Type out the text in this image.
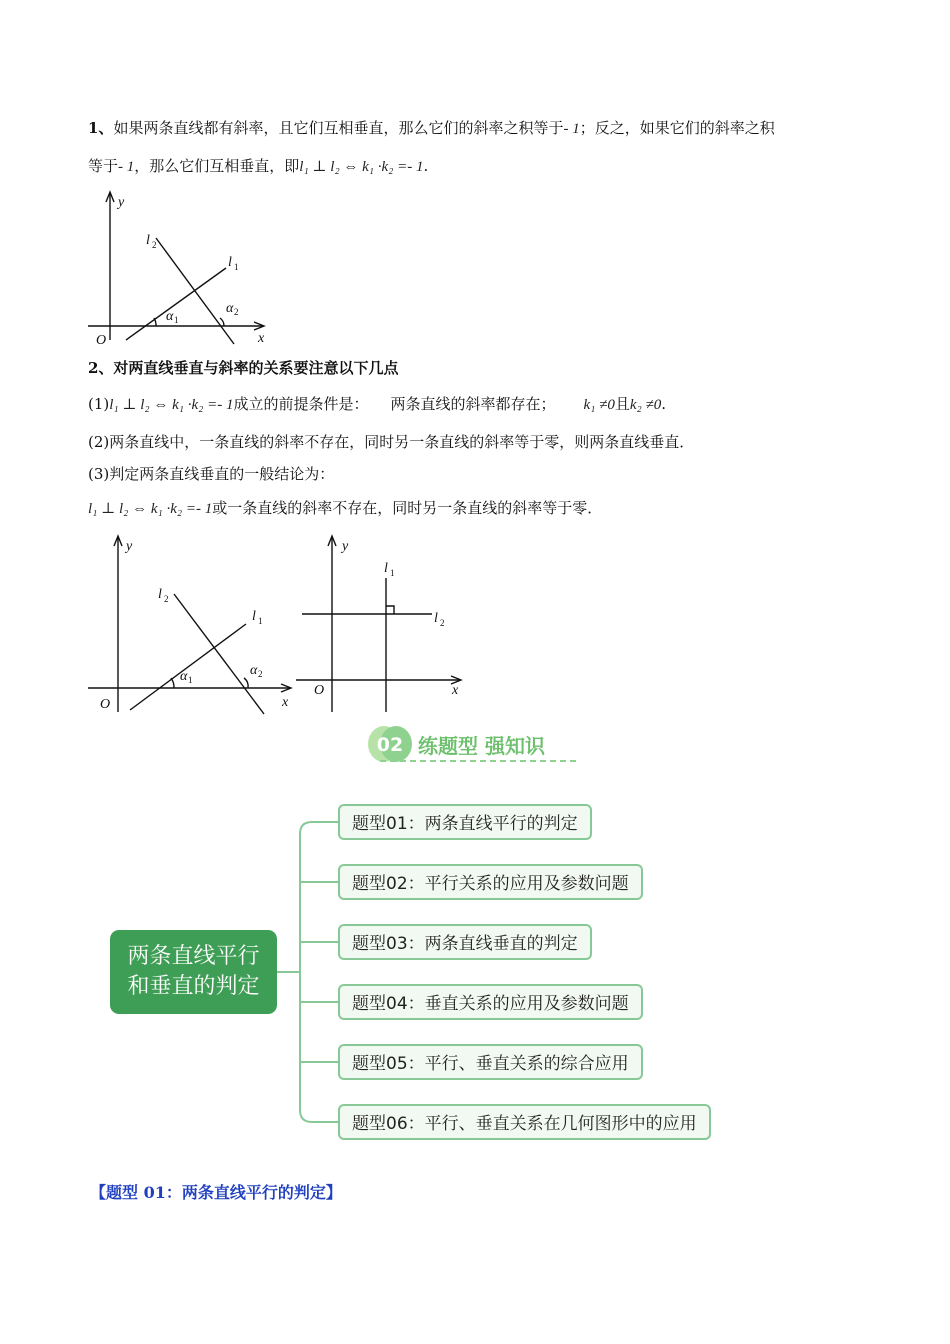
1、如果两条直线都有斜率，且它们互相垂直，那么它们的斜率之积等于- 1；反之，如果它们的斜率之积
等于- 1，那么它们互相垂直，即l₁ ⊥ l₂ ⇔ k₁ ·k₂ =- 1.
y
x
O
l 2
l 1
α 1
α 2
2、对两直线垂直与斜率的关系要注意以下几点
(1)l₁ ⊥ l₂ ⇔ k₁ ·k₂ =- 1成立的前提条件是： 两条直线的斜率都存在； k₁ ≠0且k₂ ≠0.
(2)两条直线中，一条直线的斜率不存在，同时另一条直线的斜率等于零，则两条直线垂直．
(3)判定两条直线垂直的一般结论为：
l₁ ⊥ l₂ ⇔ k₁ ·k₂ =- 1或一条直线的斜率不存在，同时另一条直线的斜率等于零．
y
x
O
l 2
l 1
α 1
α 2
y
x
O
l 1
l 2
02 练题型 强知识
两条直线平行
和垂直的判定
题型01：两条直线平行的判定
题型02：平行关系的应用及参数问题
题型03：两条直线垂直的判定
题型04：垂直关系的应用及参数问题
题型05：平行、垂直关系的综合应用
题型06：平行、垂直关系在几何图形中的应用
【题型 01：两条直线平行的判定】
